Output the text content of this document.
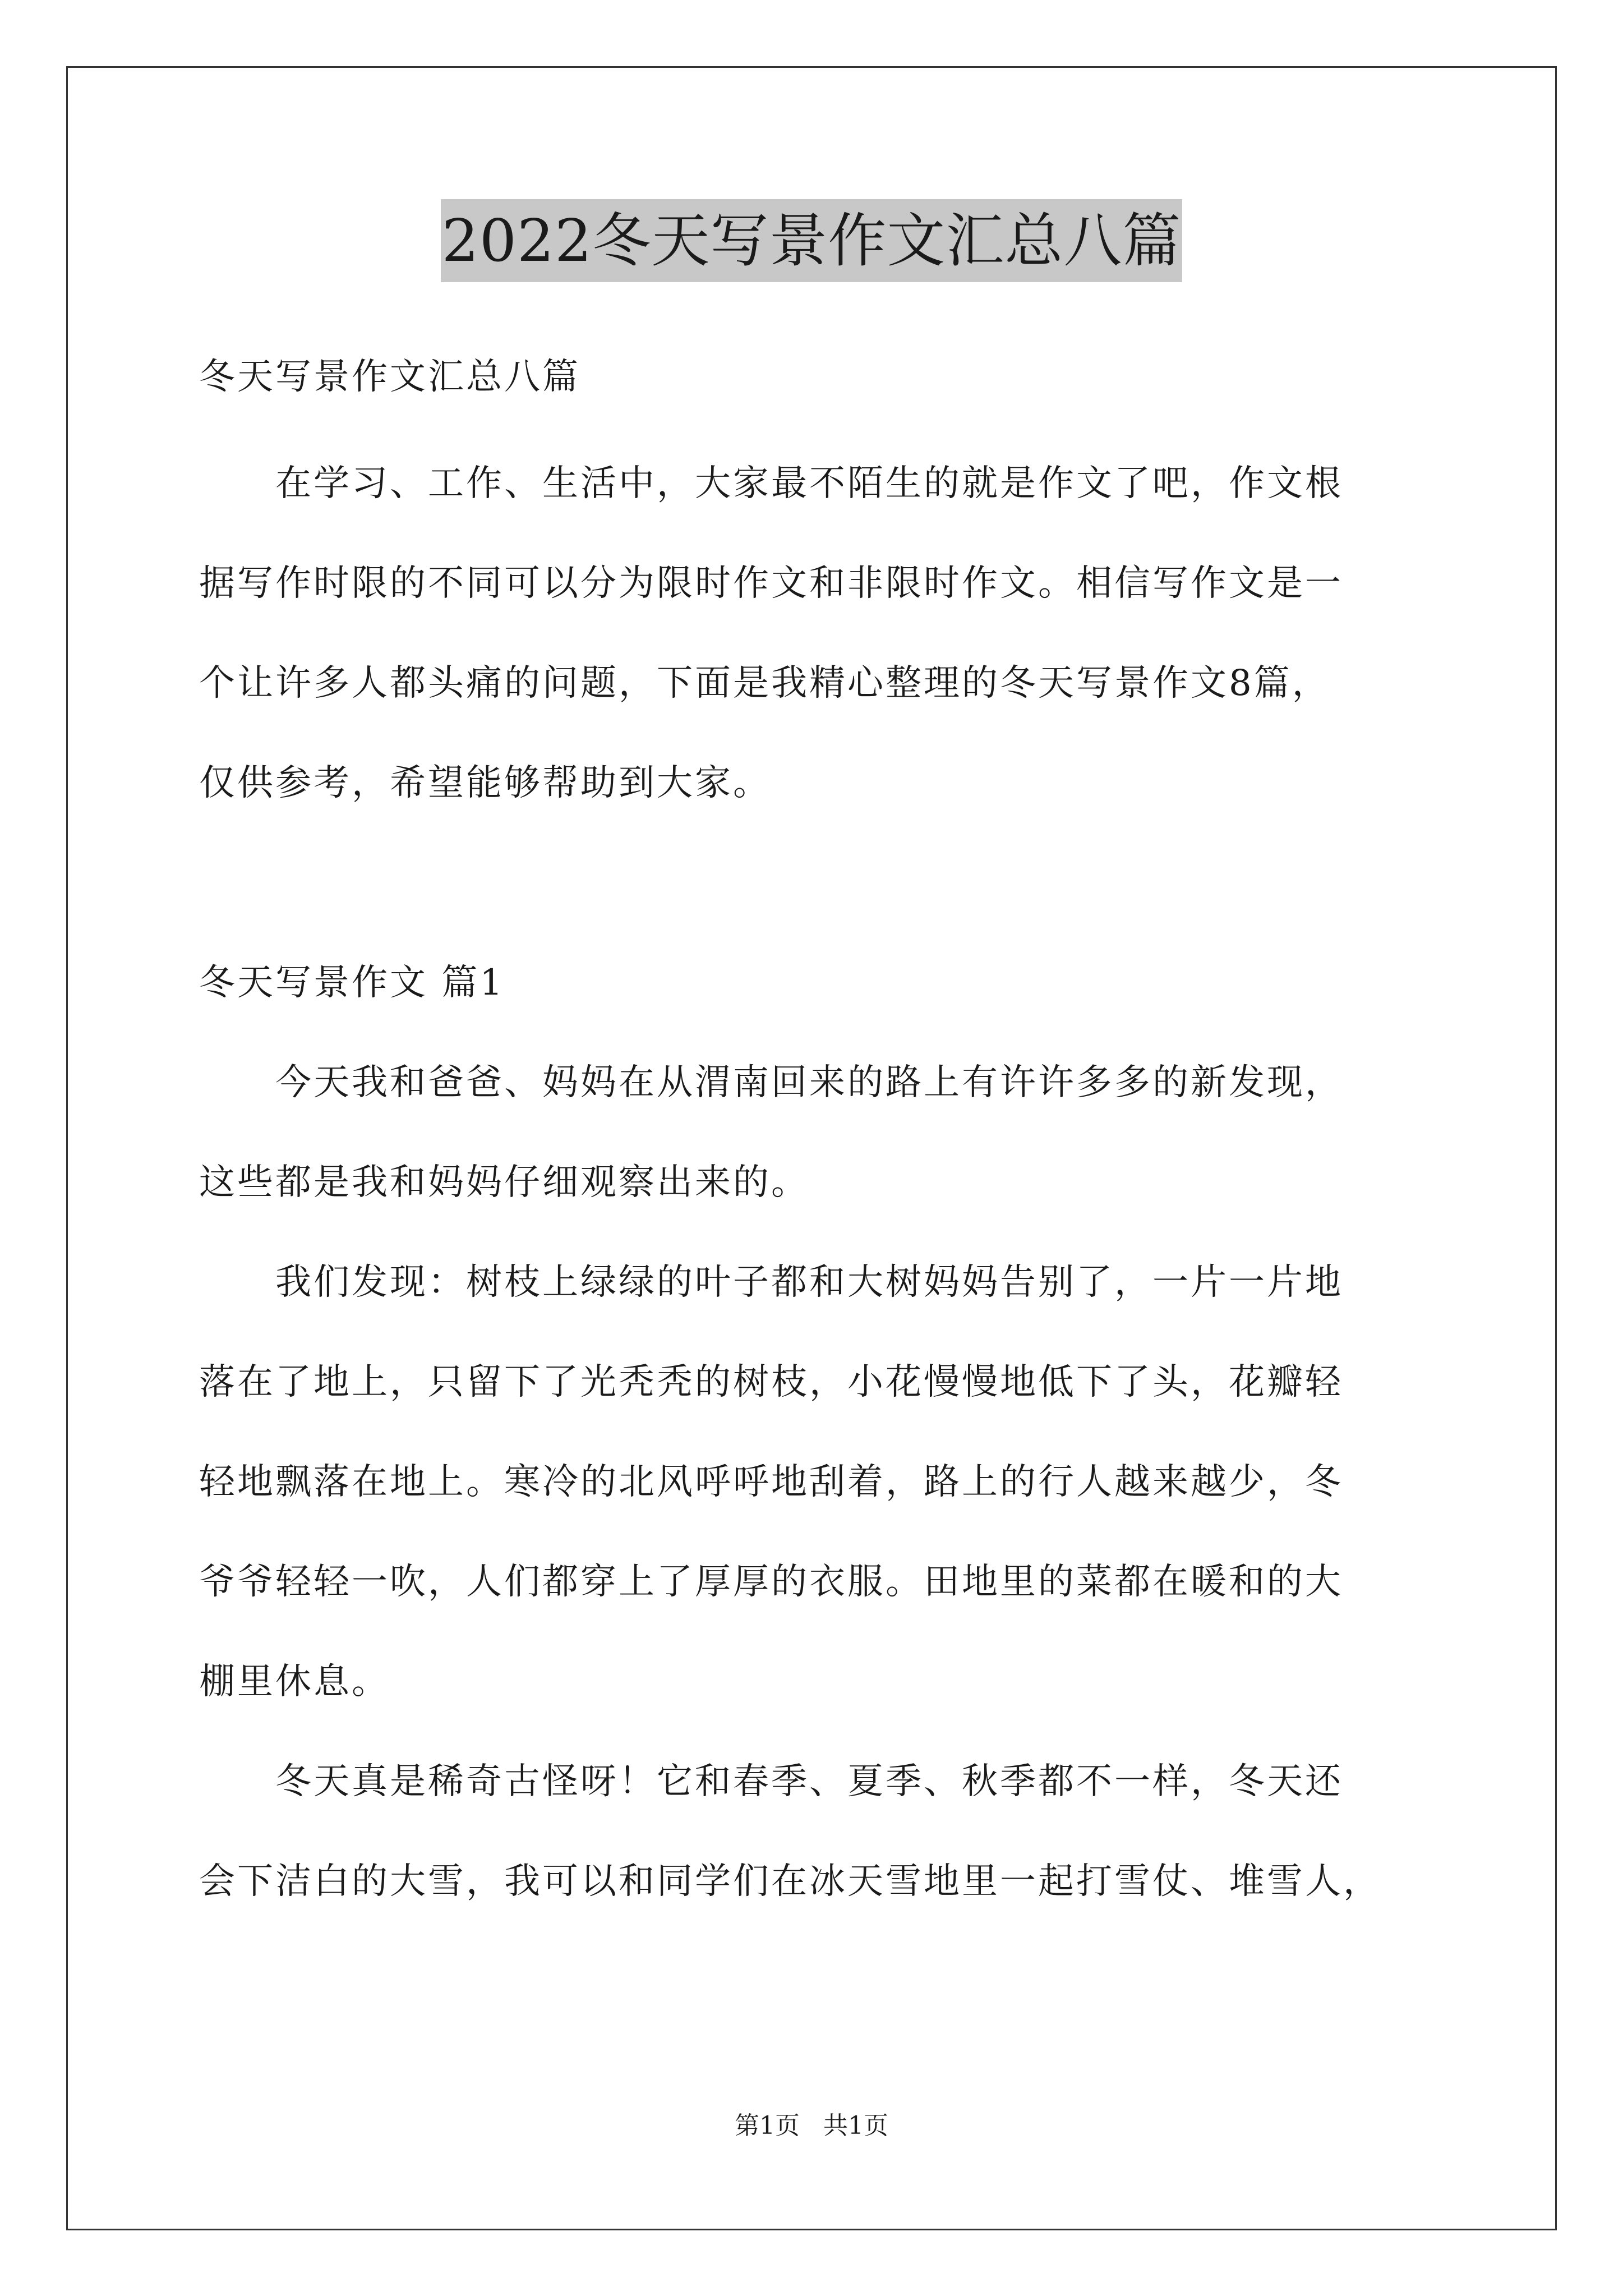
2022冬天写景作文汇总八篇
冬天写景作文汇总八篇
　　在学习、工作、生活中，大家最不陌生的就是作文了吧，作文根
据写作时限的不同可以分为限时作文和非限时作文。相信写作文是一
个让许多人都头痛的问题，下面是我精心整理的冬天写景作文8篇，
仅供参考，希望能够帮助到大家。
冬天写景作文 篇1
　　今天我和爸爸、妈妈在从渭南回来的路上有许许多多的新发现，
这些都是我和妈妈仔细观察出来的。
　　我们发现：树枝上绿绿的叶子都和大树妈妈告别了，一片一片地
落在了地上，只留下了光秃秃的树枝，小花慢慢地低下了头，花瓣轻
轻地飘落在地上。寒冷的北风呼呼地刮着，路上的行人越来越少，冬
爷爷轻轻一吹，人们都穿上了厚厚的衣服。田地里的菜都在暖和的大
棚里休息。
　　冬天真是稀奇古怪呀！它和春季、夏季、秋季都不一样，冬天还
会下洁白的大雪，我可以和同学们在冰天雪地里一起打雪仗、堆雪人，
第1页 共1页
